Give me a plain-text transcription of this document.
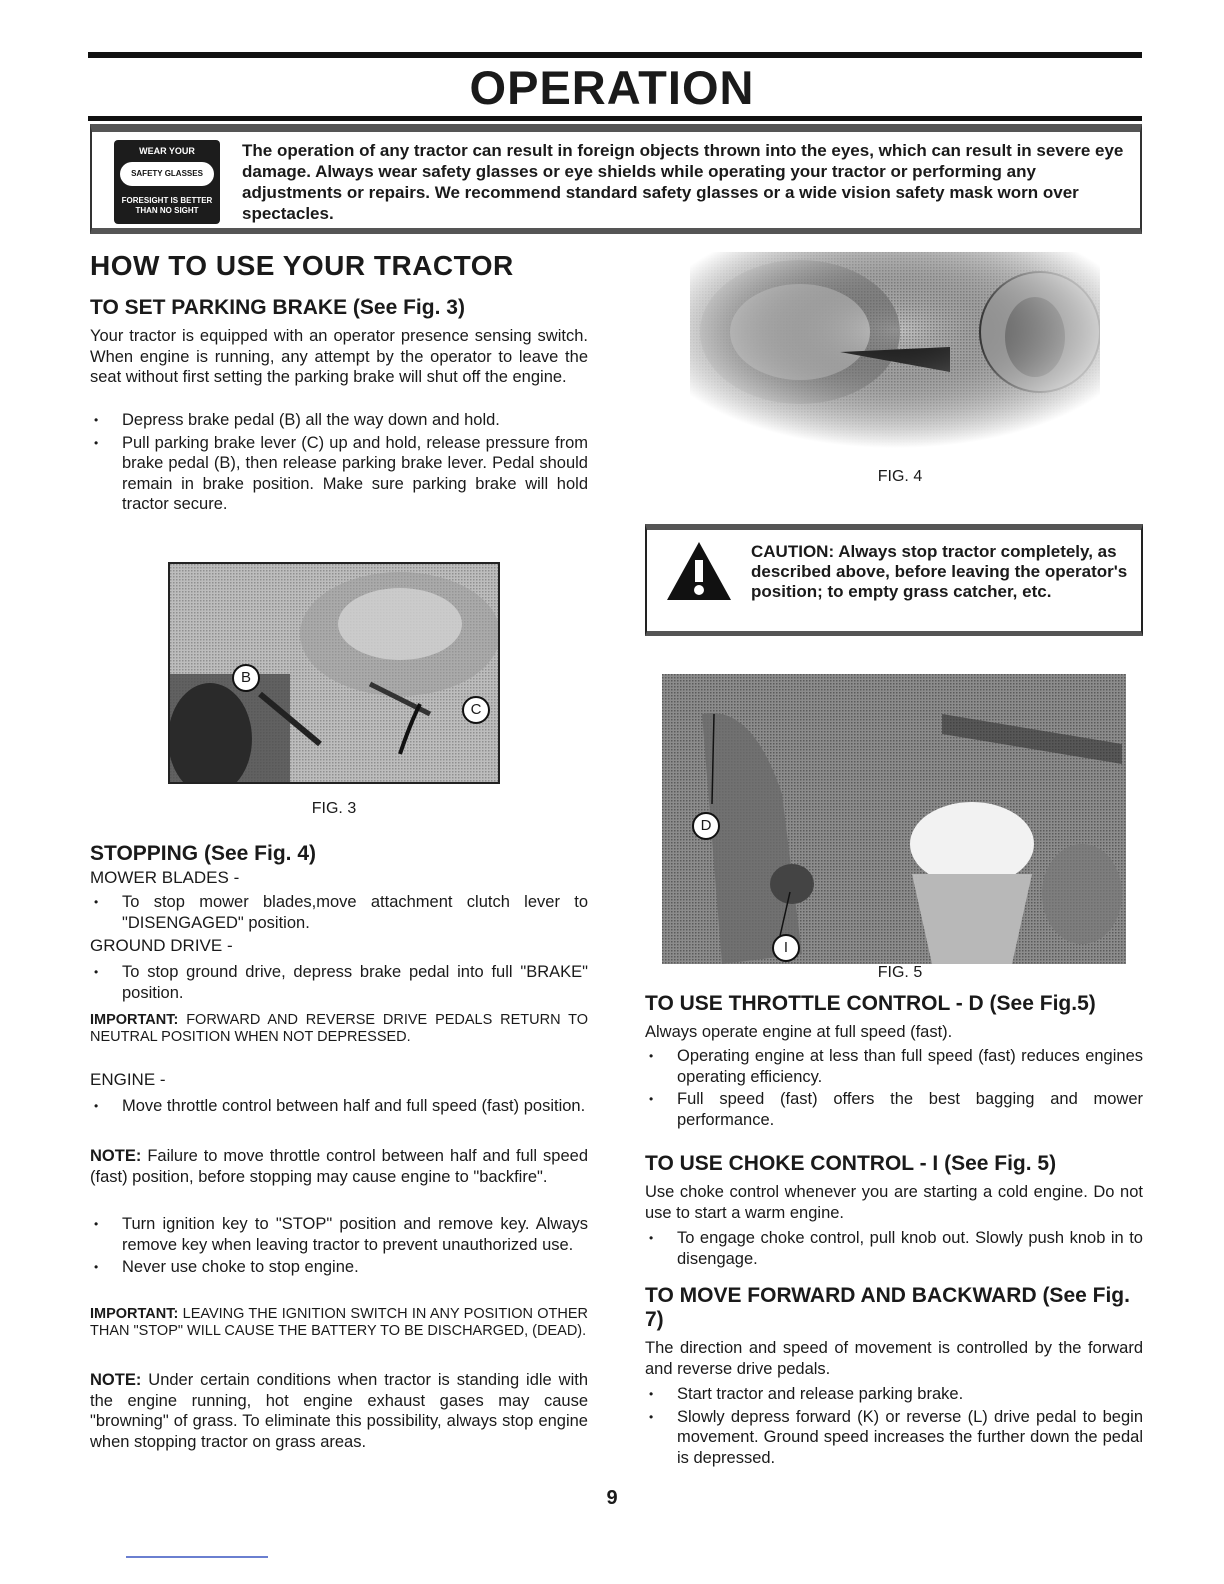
OPERATION
WEAR YOUR
SAFETY GLASSES
FORESIGHT IS BETTER THAN NO SIGHT

The operation of any tractor can result in foreign objects thrown into the eyes, which can result in severe eye damage. Always wear safety glasses or eye shields while operating your tractor or performing any adjustments or repairs. We recommend standard safety glasses or a wide vision safety mask worn over spectacles.

HOW TO USE YOUR TRACTOR
TO SET PARKING BRAKE (See Fig. 3)

Your tractor is equipped with an operator presence sensing switch. When engine is running, any attempt by the operator to leave the seat without first setting the parking brake will shut off the engine.

• Depress brake pedal (B) all the way down and hold.
• Pull parking brake lever (C) up and hold, release pressure from brake pedal (B), then release parking brake lever. Pedal should remain in brake position. Make sure parking brake will hold tractor secure.
B
C
FIG. 3
STOPPING (See Fig. 4)
MOWER BLADES -
• To stop mower blades,move attachment clutch lever to "DISENGAGED" position.
GROUND DRIVE -
• To stop ground drive, depress brake pedal into full "BRAKE" position.

IMPORTANT: FORWARD AND REVERSE DRIVE PEDALS RETURN TO NEUTRAL POSITION WHEN NOT DEPRESSED.

ENGINE -
• Move throttle control between half and full speed (fast) position.

NOTE: Failure to move throttle control between half and full speed (fast) position, before stopping may cause engine to "backfire".

• Turn ignition key to "STOP" position and remove key. Always remove key when leaving tractor to prevent unauthorized use.
• Never use choke to stop engine.

IMPORTANT: LEAVING THE IGNITION SWITCH IN ANY POSITION OTHER THAN "STOP" WILL CAUSE THE BATTERY TO BE DISCHARGED, (DEAD).

NOTE: Under certain conditions when tractor is standing idle with the engine running, hot engine exhaust gases may cause "browning" of grass. To eliminate this possibility, always stop engine when stopping tractor on grass areas.

FIG. 4

CAUTION: Always stop tractor completely, as described above, before leaving the operator's position; to empty grass catcher, etc.

D
I
FIG. 5
TO USE THROTTLE CONTROL - D (See Fig.5)

Always operate engine at full speed (fast).

• Operating engine at less than full speed (fast) reduces engines operating efficiency.
• Full speed (fast) offers the best bagging and mower performance.
TO USE CHOKE CONTROL - I (See Fig. 5)

Use choke control whenever you are starting a cold engine. Do not use to start a warm engine.

• To engage choke control, pull knob out. Slowly push knob in to disengage.
TO MOVE FORWARD AND BACKWARD (See Fig. 7)

The direction and speed of movement is controlled by the forward and reverse drive pedals.

• Start tractor and release parking brake.
• Slowly depress forward (K) or reverse (L) drive pedal to begin movement. Ground speed increases the further down the pedal is depressed.
9
